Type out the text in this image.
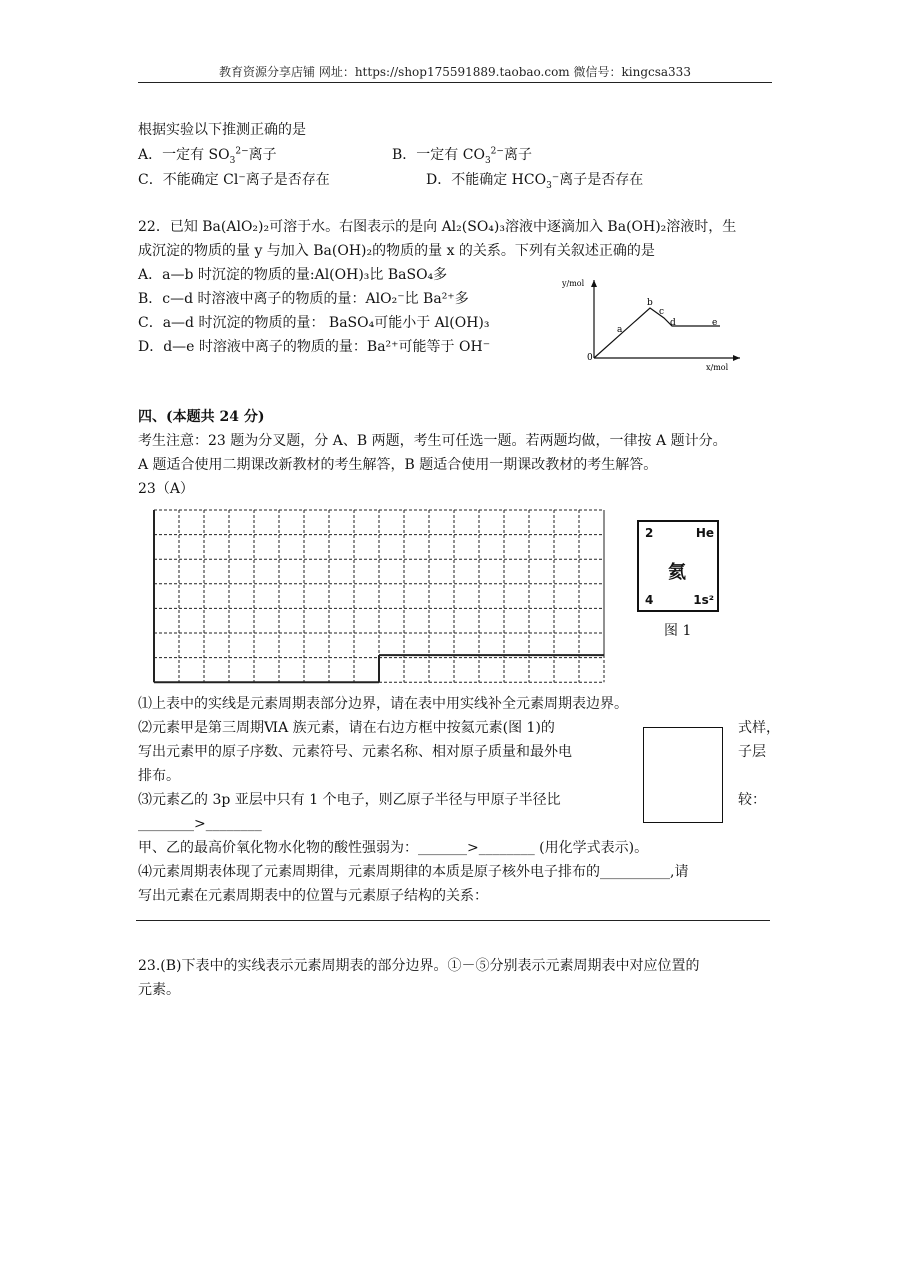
教育资源分享店铺 网址：https://shop175591889.taobao.com 微信号：kingcsa333
根据实验以下推测正确的是
A．一定有 $SO_3^{2-}$离子	B．一定有 $CO_3^{2-}$离子
C．不能确定 Cl⁻离子是否存在	D．不能确定 $HCO_3^-$离子是否存在
22．已知 Ba(AlO₂)₂可溶于水。右图表示的是向 Al₂(SO₄)₃溶液中逐滴加入 Ba(OH)₂溶液时，生
成沉淀的物质的量 y 与加入 Ba(OH)₂的物质的量 x 的关系。下列有关叙述正确的是
A．a—b 时沉淀的物质的量:Al(OH)₃比 BaSO₄多
B．c—d 时溶液中离子的物质的量：AlO₂⁻比 Ba²⁺多
C．a—d 时沉淀的物质的量： BaSO₄可能小于 Al(OH)₃
D．d—e 时溶液中离子的物质的量：Ba²⁺可能等于 OH⁻
y/mol
x/mol
0
a
b
c
d	e
四、(本题共 24 分)
考生注意：23 题为分叉题，分 A、B 两题，考生可任选一题。若两题均做，一律按 A 题计分。
A 题适合使用二期课改新教材的考生解答，B 题适合使用一期课改教材的考生解答。
23（A）
2	He
氦
4	1s²
图 1
⑴上表中的实线是元素周期表部分边界，请在表中用实线补全元素周期表边界。
⑵元素甲是第三周期ⅥA 族元素，请在右边方框中按氦元素(图 1)的	式样，
写出元素甲的原子序数、元素符号、元素名称、相对原子质量和最外电	子层
排布。
⑶元素乙的 3p 亚层中只有 1 个电子，则乙原子半径与甲原子半径比	较：
________>________
甲、乙的最高价氧化物水化物的酸性强弱为：_______>________ (用化学式表示)。
⑷元素周期表体现了元素周期律，元素周期律的本质是原子核外电子排布的__________,请
写出元素在元素周期表中的位置与元素原子结构的关系：
23.(B)下表中的实线表示元素周期表的部分边界。①－⑤分别表示元素周期表中对应位置的
元素。
